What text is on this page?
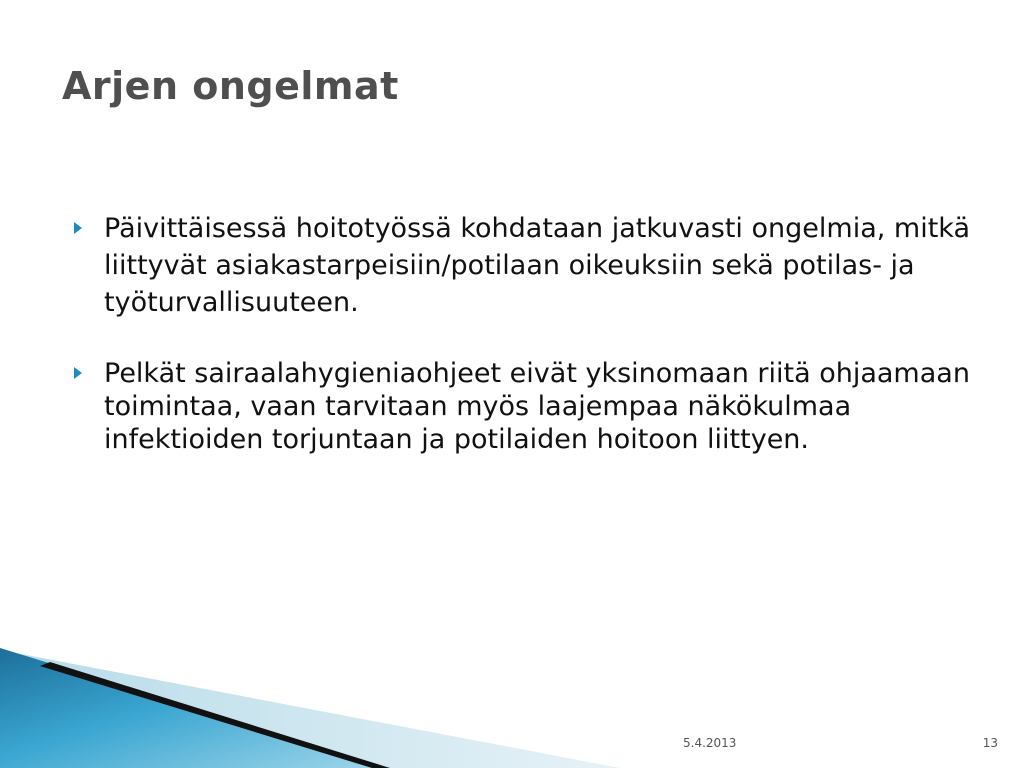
Arjen ongelmat
Päivittäisessä hoitotyössä kohdataan jatkuvasti ongelmia, mitkä liittyvät asiakastarpeisiin/potilaan oikeuksiin sekä potilas- ja työturvallisuuteen.
Pelkät sairaalahygieniaohjeet eivät yksinomaan riitä ohjaamaan toimintaa, vaan tarvitaan myös laajempaa näkökulmaa infektioiden torjuntaan ja potilaiden hoitoon liittyen.
5.4.2013	13
